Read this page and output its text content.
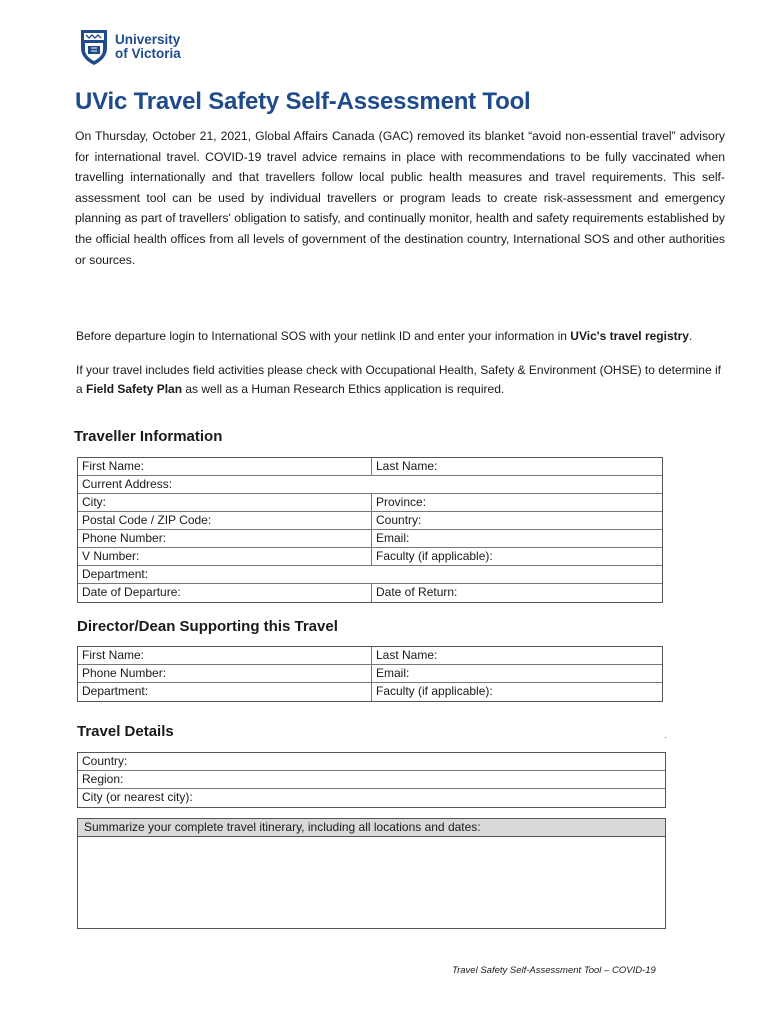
University
of Victoria
UVic Travel Safety Self-Assessment Tool
On Thursday, October 21, 2021, Global Affairs Canada (GAC) removed its blanket “avoid non-essential travel” advisory for international travel. COVID-19 travel advice remains in place with recommendations to be fully vaccinated when travelling internationally and that travellers follow local public health measures and travel requirements. This self-assessment tool can be used by individual travellers or program leads to create risk-assessment and emergency planning as part of travellers' obligation to satisfy, and continually monitor, health and safety requirements established by the official health offices from all levels of government of the destination country, International SOS and other authorities or sources.
Before departure login to International SOS with your netlink ID and enter your information in UVic's travel registry.
If your travel includes field activities please check with Occupational Health, Safety & Environment (OHSE) to determine if a Field Safety Plan as well as a Human Research Ethics application is required.
Traveller Information
First Name:	Last Name:
Current Address:
City:	Province:
Postal Code / ZIP Code:	Country:
Phone Number:	Email:
V Number:	Faculty (if applicable):
Department:
Date of Departure:	Date of Return:
Director/Dean Supporting this Travel
First Name:	Last Name:
Phone Number:	Email:
Department:	Faculty (if applicable):
Travel Details	.
Country:
Region:
City (or nearest city):
Summarize your complete travel itinerary, including all locations and dates:
Travel Safety Self-Assessment Tool – COVID-19
